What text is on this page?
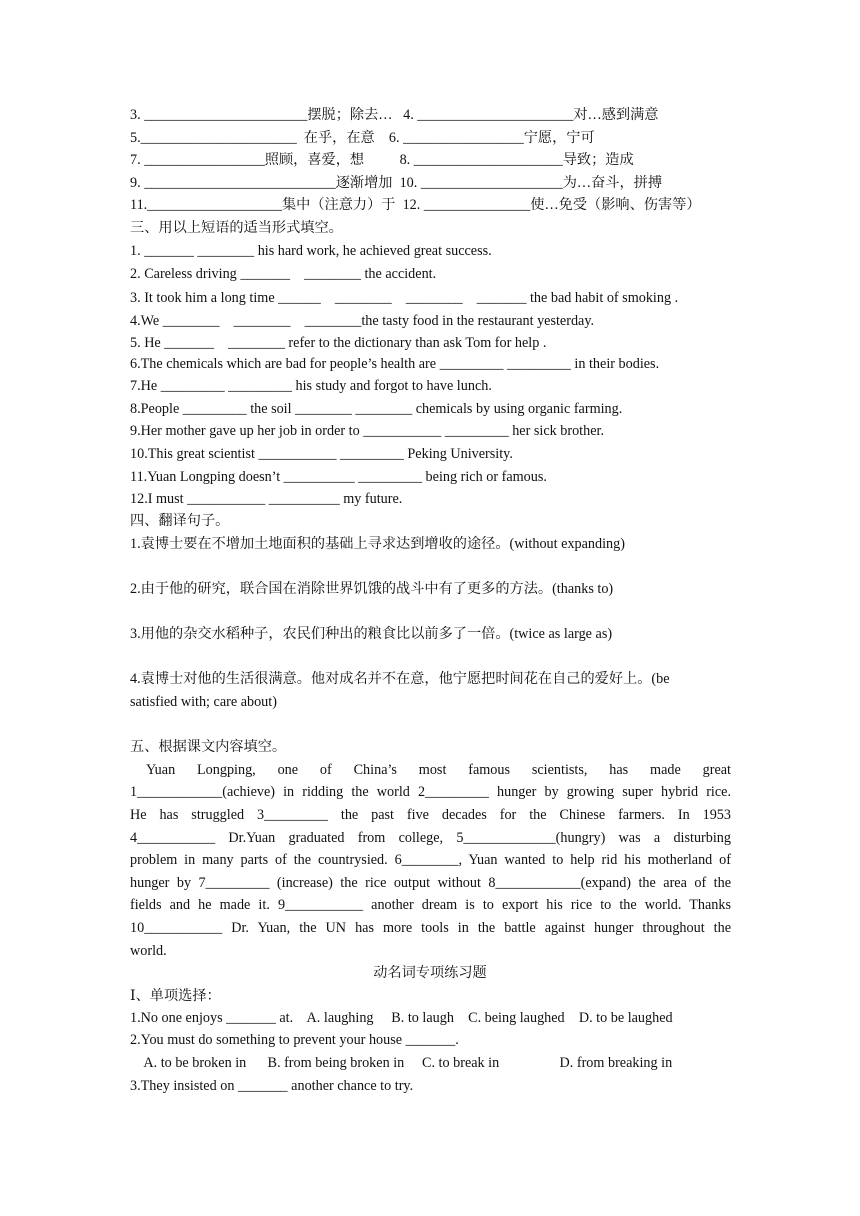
3. _______________________摆脱；除去…   4. ______________________对…感到满意
5.______________________  在乎，在意    6. _________________宁愿，宁可
7. _________________照顾，喜爱，想          8. _____________________导致；造成
9. ___________________________逐渐增加  10. ____________________为…奋斗，拼搏
11.___________________集中（注意力）于  12. _______________使…免受（影响、伤害等）
三、用以上短语的适当形式填空。
1. _______ ________ his hard work, he achieved great success.
2. Careless driving _______    ________ the accident.
3. It took him a long time ______    ________    ________    _______ the bad habit of smoking .
4.We ________    ________    ________the tasty food in the restaurant yesterday.
5. He _______    ________ refer to the dictionary than ask Tom for help .
6.The chemicals which are bad for people’s health are _________ _________ in their bodies.
7.He _________ _________ his study and forgot to have lunch.
8.People _________ the soil ________ ________ chemicals by using organic farming.
9.Her mother gave up her job in order to ___________ _________ her sick brother.
10.This great scientist ___________ _________ Peking University.
11.Yuan Longping doesn’t __________ _________ being rich or famous.
12.I must ___________ __________ my future.
四、翻译句子。
1.袁博士要在不增加土地面积的基础上寻求达到增收的途径。(without expanding)
2.由于他的研究，联合国在消除世界饥饿的战斗中有了更多的方法。(thanks to)
3.用他的杂交水稻种子，农民们种出的粮食比以前多了一倍。(twice as large as)
4.袁博士对他的生活很满意。他对成名并不在意，他宁愿把时间花在自己的爱好上。(be
satisfied with; care about)
五、根据课文内容填空。
Yuan Longping, one of China’s most famous scientists, has made great
1____________(achieve) in ridding the world 2_________ hunger by growing super hybrid rice.
He has struggled 3_________ the past five decades for the Chinese farmers. In 1953
4___________ Dr.Yuan graduated from college, 5_____________(hungry) was a disturbing
problem in many parts of the countrysied. 6________, Yuan wanted to help rid his motherland of
hunger by 7_________ (increase) the rice output without 8____________(expand) the area of the
fields and he made it. 9___________ another dream is to export his rice to the world. Thanks
10___________ Dr. Yuan, the UN has more tools in the battle against hunger throughout the
world.
动名词专项练习题
Ⅰ、单项选择：
1.No one enjoys _______ at.    A. laughing     B. to laugh    C. being laughed    D. to be laughed
2.You must do something to prevent your house _______.
A. to be broken in      B. from being broken in     C. to break in                 D. from breaking in
3.They insisted on _______ another chance to try.
